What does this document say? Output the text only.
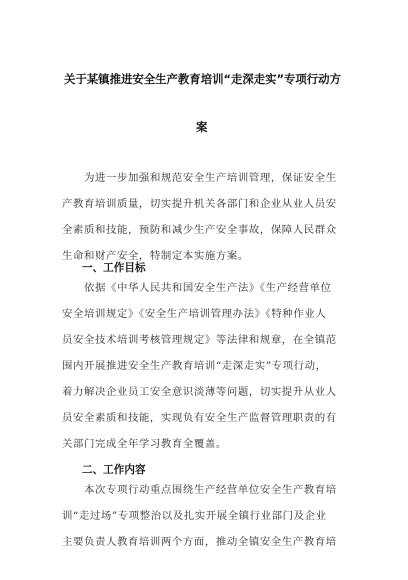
关于某镇推进安全生产教育培训“走深走实”专项行动方
案
为进一步加强和规范安全生产培训管理，保证安全生
产教育培训质量，切实提升机关各部门和企业从业人员安
全素质和技能，预防和减少生产安全事故，保障人民群众
生命和财产安全，特制定本实施方案。
一、工作目标
依据《中华人民共和国安全生产法》《生产经营单位
安全培训规定》《安全生产培训管理办法》《特种作业人
员安全技术培训考核管理规定》等法律和规章，在全镇范
围内开展推进安全生产教育培训“走深走实”专项行动，
着力解决企业员工安全意识淡薄等问题，切实提升从业人
员安全素质和技能，实现负有安全生产监督管理职责的有
关部门完成全年学习教育全覆盖。
二、工作内容
本次专项行动重点围绕生产经营单位安全生产教育培
训“走过场”专项整治以及扎实开展全镇行业部门及企业
主要负责人教育培训两个方面，推动全镇安全生产教育培
